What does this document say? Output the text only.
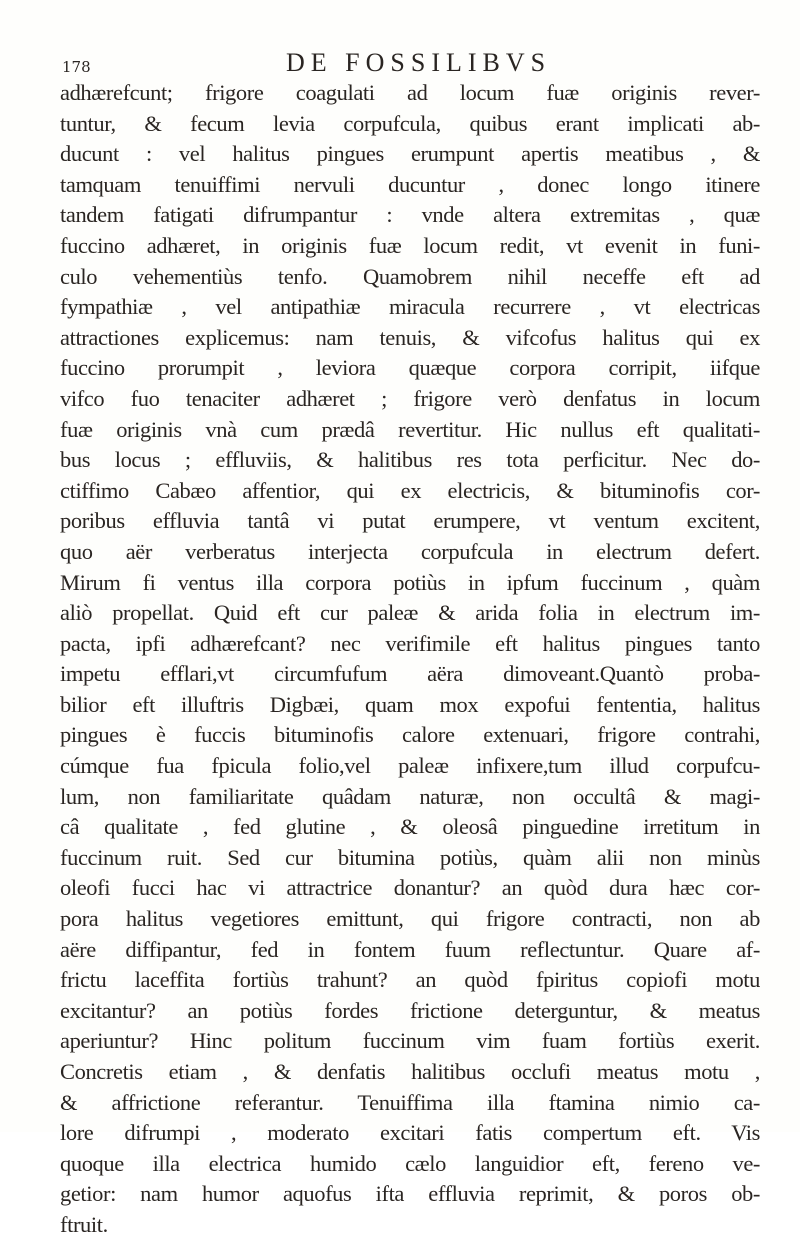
178	DE FOSSILIBVS
adhærefcunt; frigore coagulati ad locum fuæ originis rever-
tuntur, & fecum levia corpufcula, quibus erant implicati ab-
ducunt : vel halitus pingues erumpunt apertis meatibus , &
tamquam tenuiffimi nervuli ducuntur , donec longo itinere
tandem fatigati difrumpantur : vnde altera extremitas , quæ
fuccino adhæret, in originis fuæ locum redit, vt evenit in funi-
culo vehementiùs tenfo. Quamobrem nihil neceffe eft ad
fympathiæ , vel antipathiæ miracula recurrere , vt electricas
attractiones explicemus: nam tenuis, & vifcofus halitus qui ex
fuccino prorumpit , leviora quæque corpora corripit, iifque
vifco fuo tenaciter adhæret ; frigore verò denfatus in locum
fuæ originis vnà cum prædâ revertitur. Hic nullus eft qualitati-
bus locus ; effluviis, & halitibus res tota perficitur. Nec do-
ctiffimo Cabæo affentior, qui ex electricis, & bituminofis cor-
poribus effluvia tantâ vi putat erumpere, vt ventum excitent,
quo aër verberatus interjecta corpufcula in electrum defert.
Mirum fi ventus illa corpora potiùs in ipfum fuccinum , quàm
aliò propellat. Quid eft cur paleæ & arida folia in electrum im-
pacta, ipfi adhærefcant? nec verifimile eft halitus pingues tanto
impetu efflari,vt circumfufum aëra dimoveant.Quantò proba-
bilior eft illuftris Digbæi, quam mox expofui fententia, halitus
pingues è fuccis bituminofis calore extenuari, frigore contrahi,
cúmque fua fpicula folio,vel paleæ infixere,tum illud corpufcu-
lum, non familiaritate quâdam naturæ, non occultâ & magi-
câ qualitate , fed glutine , & oleosâ pinguedine irretitum in
fuccinum ruit. Sed cur bitumina potiùs, quàm alii non minùs
oleofi fucci hac vi attractrice donantur? an quòd dura hæc cor-
pora halitus vegetiores emittunt, qui frigore contracti, non ab
aëre diffipantur, fed in fontem fuum reflectuntur. Quare af-
frictu laceffita fortiùs trahunt? an quòd fpiritus copiofi motu
excitantur? an potiùs fordes frictione deterguntur, & meatus
aperiuntur? Hinc politum fuccinum vim fuam fortiùs exerit.
Concretis etiam , & denfatis halitibus occlufi meatus motu ,
& affrictione referantur. Tenuiffima illa ftamina nimio ca-
lore difrumpi , moderato excitari fatis compertum eft. Vis
quoque illa electrica humido cælo languidior eft, fereno ve-
getior: nam humor aquofus ifta effluvia reprimit, & poros ob-
ftruit.
